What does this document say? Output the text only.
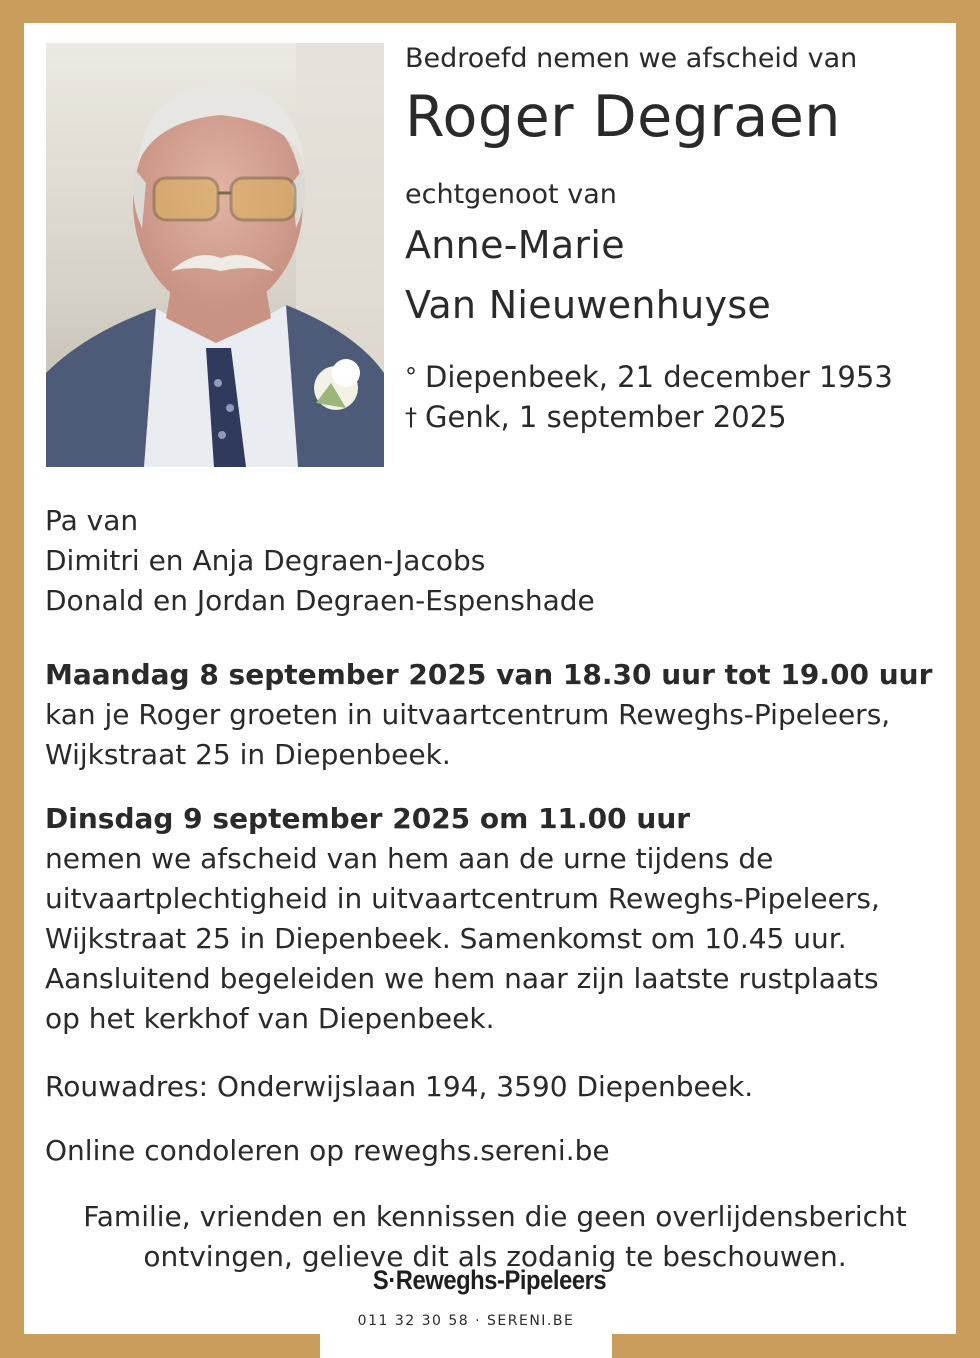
Bedroefd nemen we afscheid van

Roger Degraen

echtgenoot van
Anne-Marie
Van Nieuwenhuyse
° Diepenbeek, 21 december 1953
† Genk, 1 september 2025

Pa van

Dimitri en Anja Degraen-Jacobs

Donald en Jordan Degraen-Espenshade

Maandag 8 september 2025 van 18.30 uur tot 19.00 uur

kan je Roger groeten in uitvaartcentrum Reweghs-Pipeleers,

Wijkstraat 25 in Diepenbeek.

Dinsdag 9 september 2025 om 11.00 uur

nemen we afscheid van hem aan de urne tijdens de

uitvaartplechtigheid in uitvaartcentrum Reweghs-Pipeleers,

Wijkstraat 25 in Diepenbeek. Samenkomst om 10.45 uur.

Aansluitend begeleiden we hem naar zijn laatste rustplaats

op het kerkhof van Diepenbeek.

Rouwadres: Onderwijslaan 194, 3590 Diepenbeek.

Online condoleren op reweghs.sereni.be

Familie, vrienden en kennissen die geen overlijdensbericht

ontvingen, gelieve dit als zodanig te beschouwen.

S·Reweghs-Pipeleers
011 32 30 58 · SERENI.BE
